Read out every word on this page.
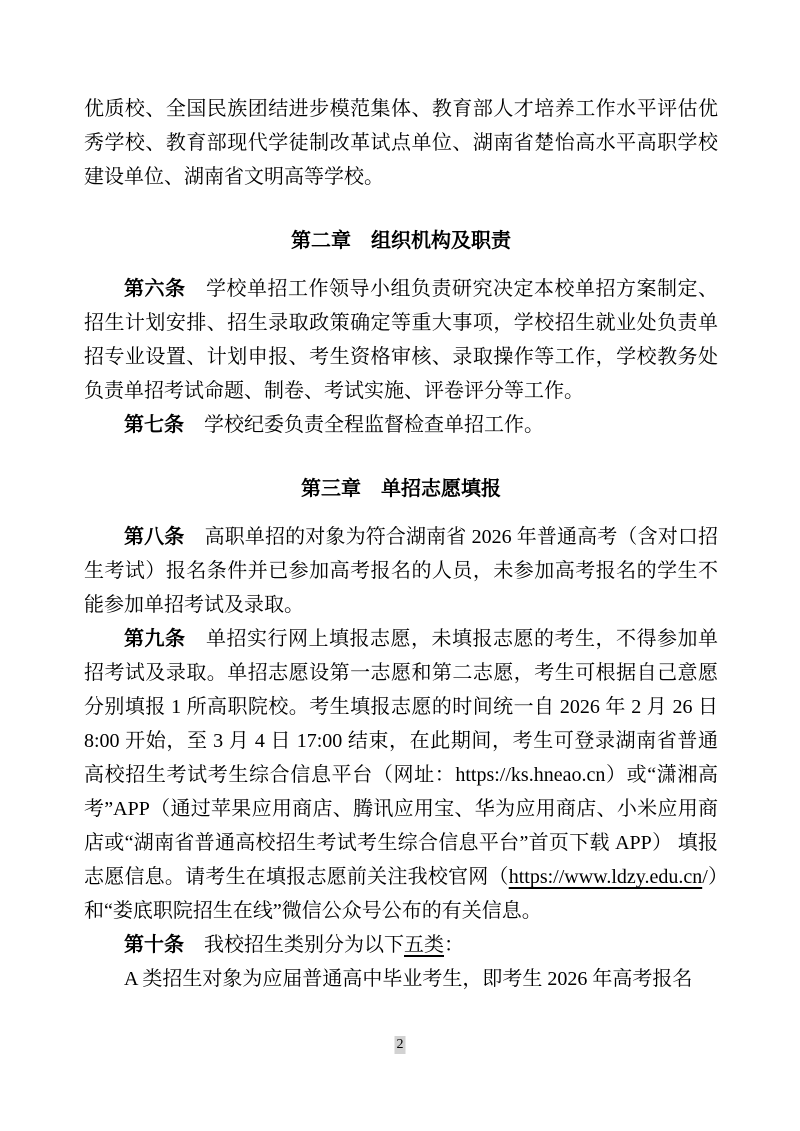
优质校、全国民族团结进步模范集体、教育部人才培养工作水平评估优秀学校、教育部现代学徒制改革试点单位、湖南省楚怡高水平高职学校建设单位、湖南省文明高等学校。

第二章　组织机构及职责

第六条　学校单招工作领导小组负责研究决定本校单招方案制定、招生计划安排、招生录取政策确定等重大事项，学校招生就业处负责单招专业设置、计划申报、考生资格审核、录取操作等工作，学校教务处负责单招考试命题、制卷、考试实施、评卷评分等工作。

第七条　学校纪委负责全程监督检查单招工作。

第三章　单招志愿填报

第八条　高职单招的对象为符合湖南省 2026 年普通高考（含对口招生考试）报名条件并已参加高考报名的人员，未参加高考报名的学生不能参加单招考试及录取。

第九条　单招实行网上填报志愿，未填报志愿的考生，不得参加单招考试及录取。单招志愿设第一志愿和第二志愿，考生可根据自己意愿分别填报 1 所高职院校。考生填报志愿的时间统一自 2026 年 2 月 26 日 8:00 开始，至 3 月 4 日 17:00 结束，在此期间，考生可登录湖南省普通高校招生考试考生综合信息平台（网址：https://ks.hneao.cn）或“潇湘高考”APP（通过苹果应用商店、腾讯应用宝、华为应用商店、小米应用商店或“湖南省普通高校招生考试考生综合信息平台”首页下载 APP） 填报志愿信息。请考生在填报志愿前关注我校官网（https://www.ldzy.edu.cn/）和“娄底职院招生在线”微信公众号公布的有关信息。

第十条　我校招生类别分为以下五类：

A 类招生对象为应届普通高中毕业考生，即考生 2026 年高考报名

2
